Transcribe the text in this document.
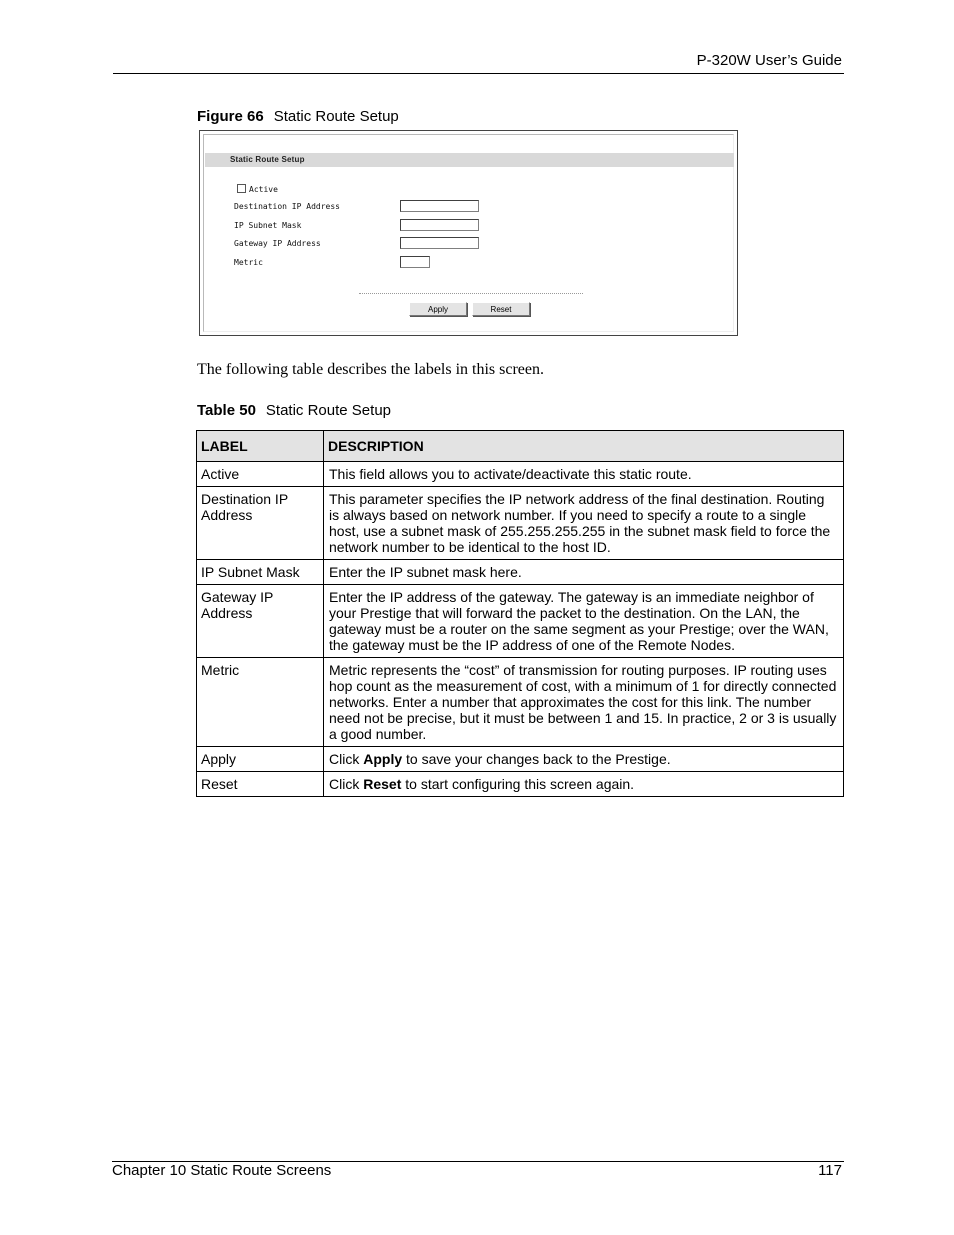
P-320W User’s Guide
Figure 66 Static Route Setup
Static Route Setup
Active
Destination IP Address
IP Subnet Mask
Gateway IP Address
Metric
Apply	Reset
The following table describes the labels in this screen.
Table 50 Static Route Setup
LABEL	DESCRIPTION
Active	This field allows you to activate/deactivate this static route.
Destination IP Address	This parameter specifies the IP network address of the final destination. Routing is always based on network number. If you need to specify a route to a single host, use a subnet mask of 255.255.255.255 in the subnet mask field to force the network number to be identical to the host ID.
IP Subnet Mask	Enter the IP subnet mask here.
Gateway IP Address	Enter the IP address of the gateway. The gateway is an immediate neighbor of your Prestige that will forward the packet to the destination. On the LAN, the gateway must be a router on the same segment as your Prestige; over the WAN, the gateway must be the IP address of one of the Remote Nodes.
Metric	Metric represents the “cost” of transmission for routing purposes. IP routing uses hop count as the measurement of cost, with a minimum of 1 for directly connected networks. Enter a number that approximates the cost for this link. The number need not be precise, but it must be between 1 and 15. In practice, 2 or 3 is usually a good number.
Apply	Click Apply to save your changes back to the Prestige.
Reset	Click Reset to start configuring this screen again.
Chapter 10 Static Route Screens	117
